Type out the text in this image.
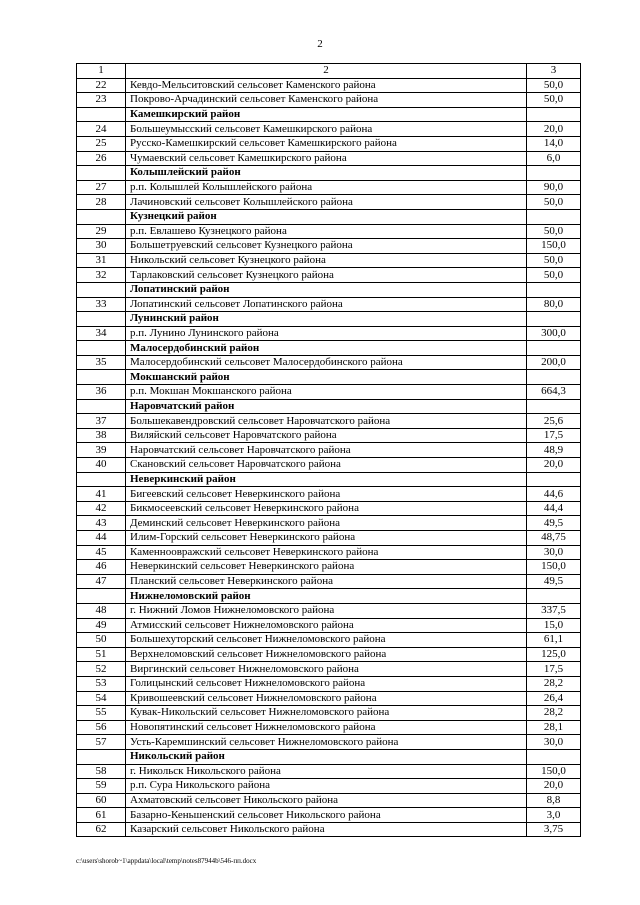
2
1	2	3
22	Кевдо-Мельситовский сельсовет Каменского района	50,0
23	Покрово-Арчадинский сельсовет Каменского района	50,0
	Камешкирский район	
24	Большеумысский сельсовет Камешкирского района	20,0
25	Русско-Камешкирский сельсовет Камешкирского района	14,0
26	Чумаевский сельсовет Камешкирского района	6,0
	Колышлейский район	
27	р.п. Колышлей Колышлейского района	90,0
28	Лачиновский сельсовет Колышлейского района	50,0
	Кузнецкий район	
29	р.п. Евлашево Кузнецкого района	50,0
30	Большетруевский сельсовет Кузнецкого района	150,0
31	Никольский сельсовет Кузнецкого района	50,0
32	Тарлаковский сельсовет Кузнецкого района	50,0
	Лопатинский район	
33	Лопатинский сельсовет Лопатинского района	80,0
	Лунинский район	
34	р.п. Лунино Лунинского района	300,0
	Малосердобинский район	
35	Малосердобинский сельсовет Малосердобинского района	200,0
	Мокшанский район	
36	р.п. Мокшан Мокшанского района	664,3
	Наровчатский район	
37	Большекавендровский сельсовет Наровчатского района	25,6
38	Виляйский сельсовет Наровчатского района	17,5
39	Наровчатский сельсовет Наровчатского района	48,9
40	Скановский сельсовет Наровчатского района	20,0
	Неверкинский район	
41	Бигеевский сельсовет Неверкинского района	44,6
42	Бикмосеевский сельсовет Неверкинского района	44,4
43	Деминский сельсовет Неверкинского района	49,5
44	Илим-Горский сельсовет Неверкинского района	48,75
45	Каменноовражский сельсовет Неверкинского района	30,0
46	Неверкинский сельсовет Неверкинского района	150,0
47	Планский сельсовет Неверкинского района	49,5
	Нижнеломовский район	
48	г. Нижний Ломов Нижнеломовского района	337,5
49	Атмисский сельсовет Нижнеломовского района	15,0
50	Большехуторский сельсовет Нижнеломовского района	61,1
51	Верхнеломовский сельсовет Нижнеломовского района	125,0
52	Виргинский сельсовет Нижнеломовского района	17,5
53	Голицынский сельсовет Нижнеломовского района	28,2
54	Кривошеевский сельсовет Нижнеломовского района	26,4
55	Кувак-Никольский сельсовет Нижнеломовского района	28,2
56	Новопятинский сельсовет Нижнеломовского района	28,1
57	Усть-Каремшинский сельсовет Нижнеломовского района	30,0
	Никольский район	
58	г. Никольск Никольского района	150,0
59	р.п. Сура Никольского района	20,0
60	Ахматовский сельсовет Никольского района	8,8
61	Базарно-Кеньшенский сельсовет Никольского района	3,0
62	Казарский сельсовет Никольского района	3,75
c:\users\shorob~1\appdata\local\temp\notes87944b\546-пп.docx
